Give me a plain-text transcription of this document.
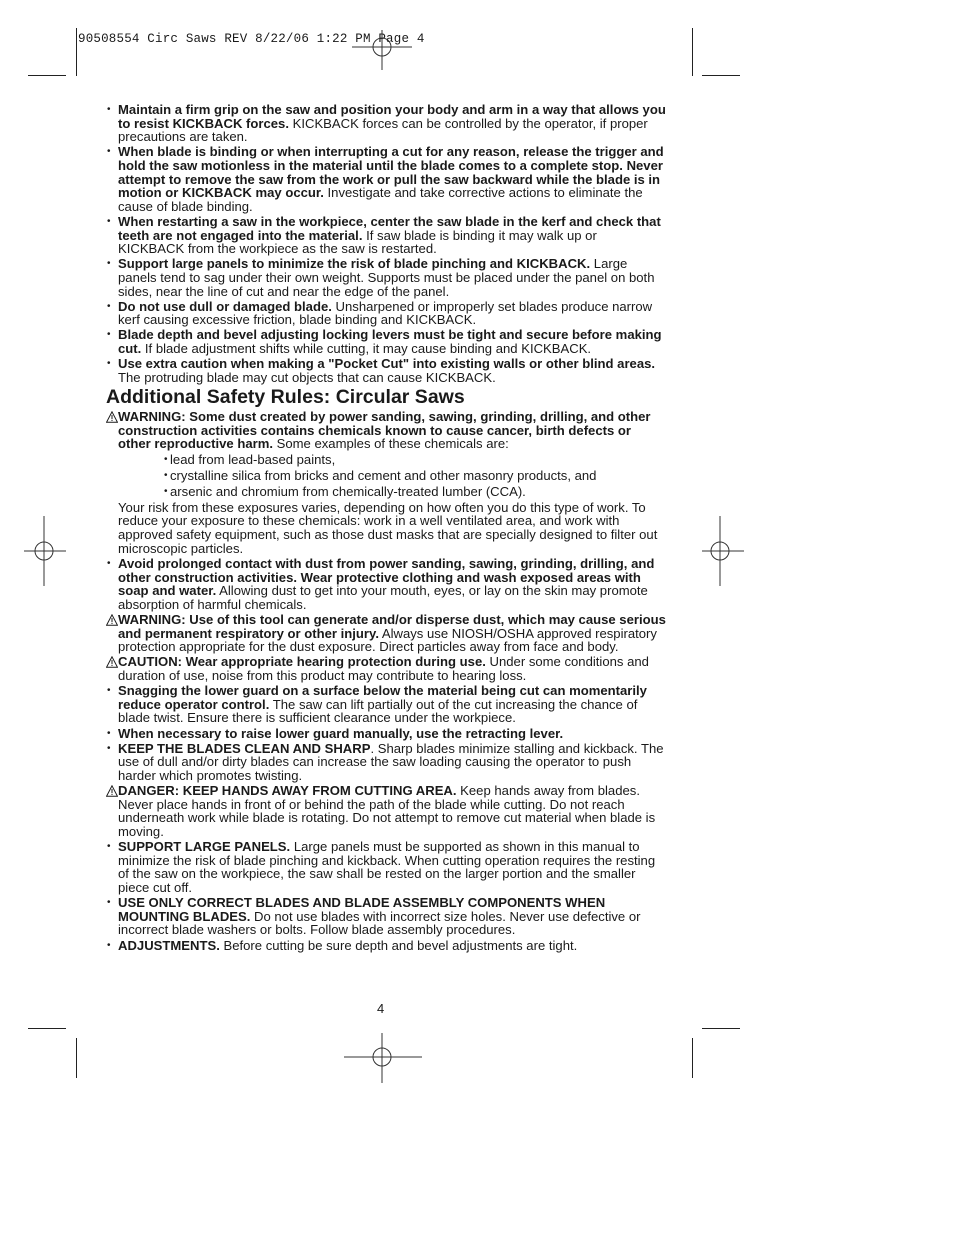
90508554 Circ Saws REV 8/22/06 1:22 PM Page 4
• Maintain a firm grip on the saw and position your body and arm in a way that allows you to resist KICKBACK forces. KICKBACK forces can be controlled by the operator, if proper precautions are taken.
• When blade is binding or when interrupting a cut for any reason, release the trigger and hold the saw motionless in the material until the blade comes to a complete stop. Never attempt to remove the saw from the work or pull the saw backward while the blade is in motion or KICKBACK may occur. Investigate and take corrective actions to eliminate the cause of blade binding.
• When restarting a saw in the workpiece, center the saw blade in the kerf and check that teeth are not engaged into the material. If saw blade is binding it may walk up or KICKBACK from the workpiece as the saw is restarted.
• Support large panels to minimize the risk of blade pinching and KICKBACK. Large panels tend to sag under their own weight. Supports must be placed under the panel on both sides, near the line of cut and near the edge of the panel.
• Do not use dull or damaged blade. Unsharpened or improperly set blades produce narrow kerf causing excessive friction, blade binding and KICKBACK.
• Blade depth and bevel adjusting locking levers must be tight and secure before making cut. If blade adjustment shifts while cutting, it may cause binding and KICKBACK.
• Use extra caution when making a "Pocket Cut" into existing walls or other blind areas. The protruding blade may cut objects that can cause KICKBACK.
Additional Safety Rules: Circular Saws
WARNING: Some dust created by power sanding, sawing, grinding, drilling, and other construction activities contains chemicals known to cause cancer, birth defects or other reproductive harm. Some examples of these chemicals are:
• lead from lead-based paints,
• crystalline silica from bricks and cement and other masonry products, and
• arsenic and chromium from chemically-treated lumber (CCA).
Your risk from these exposures varies, depending on how often you do this type of work. To reduce your exposure to these chemicals: work in a well ventilated area, and work with approved safety equipment, such as those dust masks that are specially designed to filter out microscopic particles.
• Avoid prolonged contact with dust from power sanding, sawing, grinding, drilling, and other construction activities. Wear protective clothing and wash exposed areas with soap and water. Allowing dust to get into your mouth, eyes, or lay on the skin may promote absorption of harmful chemicals.
WARNING: Use of this tool can generate and/or disperse dust, which may cause serious and permanent respiratory or other injury. Always use NIOSH/OSHA approved respiratory protection appropriate for the dust exposure. Direct particles away from face and body.
CAUTION: Wear appropriate hearing protection during use. Under some conditions and duration of use, noise from this product may contribute to hearing loss.
• Snagging the lower guard on a surface below the material being cut can momentarily reduce operator control. The saw can lift partially out of the cut increasing the chance of blade twist. Ensure there is sufficient clearance under the workpiece.
• When necessary to raise lower guard manually, use the retracting lever.
• KEEP THE BLADES CLEAN AND SHARP. Sharp blades minimize stalling and kickback. The use of dull and/or dirty blades can increase the saw loading causing the operator to push harder which promotes twisting.
DANGER: KEEP HANDS AWAY FROM CUTTING AREA. Keep hands away from blades. Never place hands in front of or behind the path of the blade while cutting. Do not reach underneath work while blade is rotating. Do not attempt to remove cut material when blade is moving.
• SUPPORT LARGE PANELS. Large panels must be supported as shown in this manual to minimize the risk of blade pinching and kickback. When cutting operation requires the resting of the saw on the workpiece, the saw shall be rested on the larger portion and the smaller piece cut off.
• USE ONLY CORRECT BLADES AND BLADE ASSEMBLY COMPONENTS WHEN MOUNTING BLADES. Do not use blades with incorrect size holes. Never use defective or incorrect blade washers or bolts. Follow blade assembly procedures.
• ADJUSTMENTS. Before cutting be sure depth and bevel adjustments are tight.
4
